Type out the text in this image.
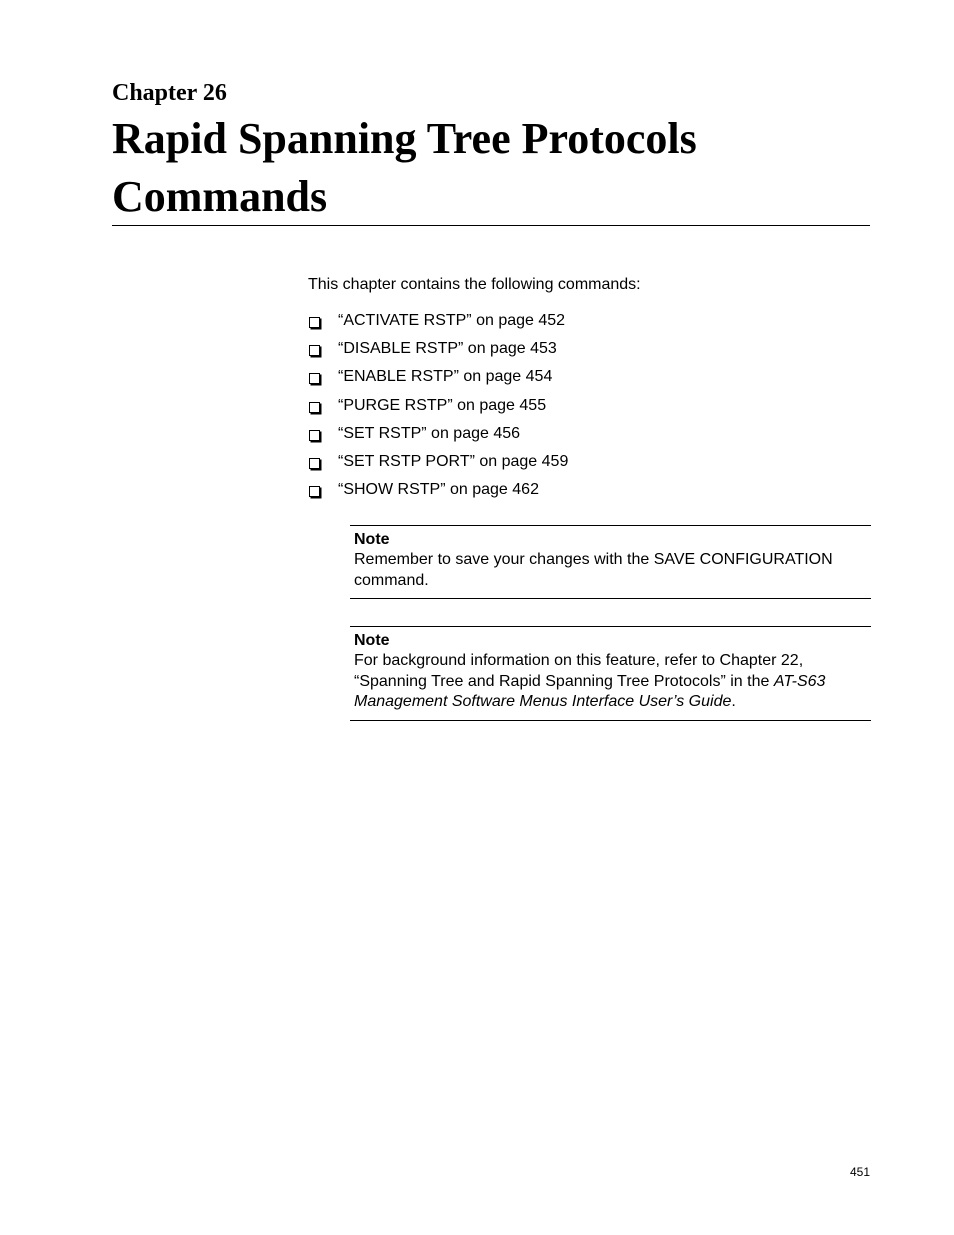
Chapter 26
Rapid Spanning Tree Protocols
Commands

This chapter contains the following commands:

“ACTIVATE RSTP” on page 452
“DISABLE RSTP” on page 453
“ENABLE RSTP” on page 454
“PURGE RSTP” on page 455
“SET RSTP” on page 456
“SET RSTP PORT” on page 459
“SHOW RSTP” on page 462

Note

Remember to save your changes with the SAVE CONFIGURATION
command.

Note

For background information on this feature, refer to Chapter 22,
“Spanning Tree and Rapid Spanning Tree Protocols” in the AT-S63
Management Software Menus Interface User’s Guide.

451
